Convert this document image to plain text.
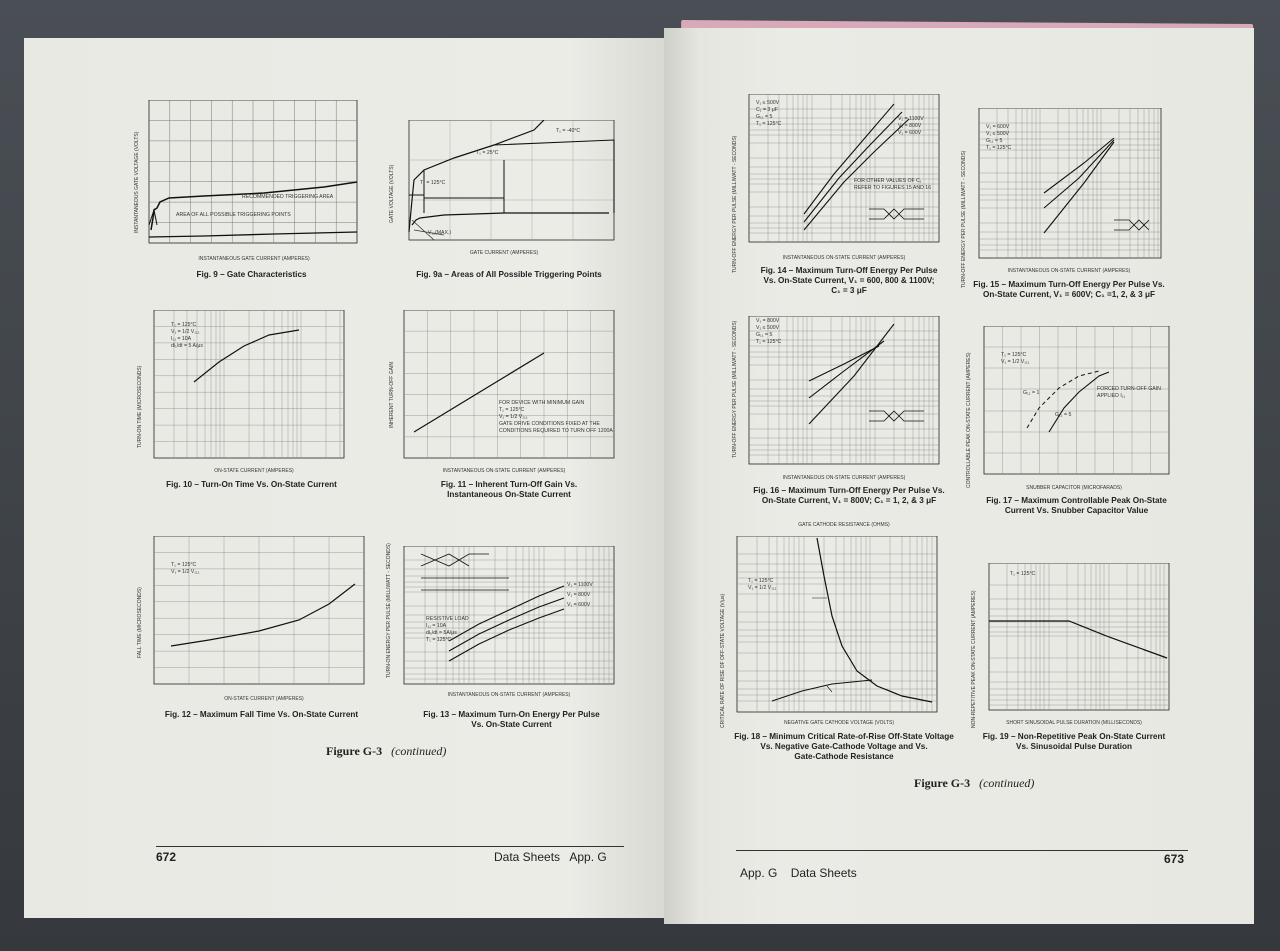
RECOMMENDED TRIGGERING AREA
AREA OF ALL POSSIBLE TRIGGERING POINTS
INSTANTANEOUS GATE VOLTAGE (VOLTS)
INSTANTANEOUS GATE CURRENT (AMPERES)
Fig. 9 – Gate Characteristics
T₁ = -40°C
T₁ = 25°C
T₁ = 125°C
V₁₁(MAX.)
GATE VOLTAGE (VOLTS)
GATE CURRENT (AMPERES)
Fig. 9a – Areas of All Possible Triggering Points
T₁ = 125°C
V₁ = 1/2 V₁₁₁
I₁₁ = 10A
di₁/dt = 5 A/μs
TURN-ON TIME (MICROSECONDS)
ON-STATE CURRENT (AMPERES)
Fig. 10 – Turn-On Time Vs. On-State Current
FOR DEVICE WITH MINIMUM GAIN
T₁ = 125°C
V₁ = 1/2 V₁₁₁
GATE DRIVE CONDITIONS FIXED AT THE
CONDITIONS REQUIRED TO TURN OFF 1200A
INHERENT TURN-OFF GAIN
INSTANTANEOUS ON-STATE CURRENT (AMPERES)
Fig. 11 – Inherent Turn-Off Gain Vs.
Instantaneous On-State Current
T₁ = 125°C
V₁ = 1/2 V₁₁₁
FALL TIME (MICROSECONDS)
ON-STATE CURRENT (AMPERES)
Fig. 12 – Maximum Fall Time Vs. On-State Current
RESISTIVE LOAD
I₁₁ = 10A
di₁/dt = 5A/μs
T₁ = 125°C
V₁ = 1100V
V₁ = 800V
V₁ = 600V
TURN-ON ENERGY PER PULSE (MILLIWATT - SECONDS)
INSTANTANEOUS ON-STATE CURRENT (AMPERES)
Fig. 13 – Maximum Turn-On Energy Per Pulse
Vs. On-State Current
Figure G-3 (continued)
672	Data Sheets   App. G
V₁ ≤ 500V
C₁ = 3 μF
G₁₁ = 5
T₁ = 125°C
V₁ = 1100V
V₁ = 800V
V₁ = 600V
FOR OTHER VALUES OF C₁
REFER TO FIGURES 15 AND 16
TURN-OFF ENERGY PER PULSE (MILLIWATT - SECONDS)	INSTANTANEOUS ON-STATE CURRENT (AMPERES)
Fig. 14 – Maximum Turn-Off Energy Per Pulse
Vs. On-State Current, V₁ = 600, 800 & 1100V;
C₁ = 3 μF
V₁ = 600V
V₁ ≤ 500V
G₁₁ = 5
T₁ = 125°C
TURN-OFF ENERGY PER PULSE (MILLIWATT - SECONDS)	INSTANTANEOUS ON-STATE CURRENT (AMPERES)
Fig. 15 – Maximum Turn-Off Energy Per Pulse Vs.
On-State Current, V₁ = 600V; C₁ =1, 2, & 3 μF
V₁ = 800V
V₁ ≤ 500V
G₁₁ = 5
T₁ = 125°C
TURN-OFF ENERGY PER PULSE (MILLIWATT - SECONDS)
INSTANTANEOUS ON-STATE CURRENT (AMPERES)
Fig. 16 – Maximum Turn-Off Energy Per Pulse Vs.
On-State Current, V₁ = 800V; C₁ = 1, 2, & 3 μF
T₁ = 125°C
V₁ = 1/2 V₁₁₁
G₁₁ = 1
G₁₁ = 5
FORCED TURN-OFF GAIN
APPLIED I₁₁
CONTROLLABLE PEAK ON-STATE CURRENT (AMPERES)	SNUBBER CAPACITOR (MICROFARADS)
Fig. 17 – Maximum Controllable Peak On-State
Current Vs. Snubber Capacitor Value
GATE CATHODE RESISTANCE (OHMS)
T₁ = 125°C
V₁ = 1/2 V₁₁₁
CRITICAL RATE OF RISE OF OFF-STATE VOLTAGE (V/μs)	NEGATIVE GATE CATHODE VOLTAGE (VOLTS)
Fig. 18 – Minimum Critical Rate-of-Rise Off-State Voltage
Vs. Negative Gate-Cathode Voltage and Vs.
Gate-Cathode Resistance
T₁ = 125°C
NON-REPETITIVE PEAK ON-STATE CURRENT (AMPERES)	SHORT SINUSOIDAL PULSE DURATION (MILLISECONDS)
Fig. 19 – Non-Repetitive Peak On-State Current
Vs. Sinusoidal Pulse Duration
Figure G-3 (continued)
App. G    Data Sheets
673
